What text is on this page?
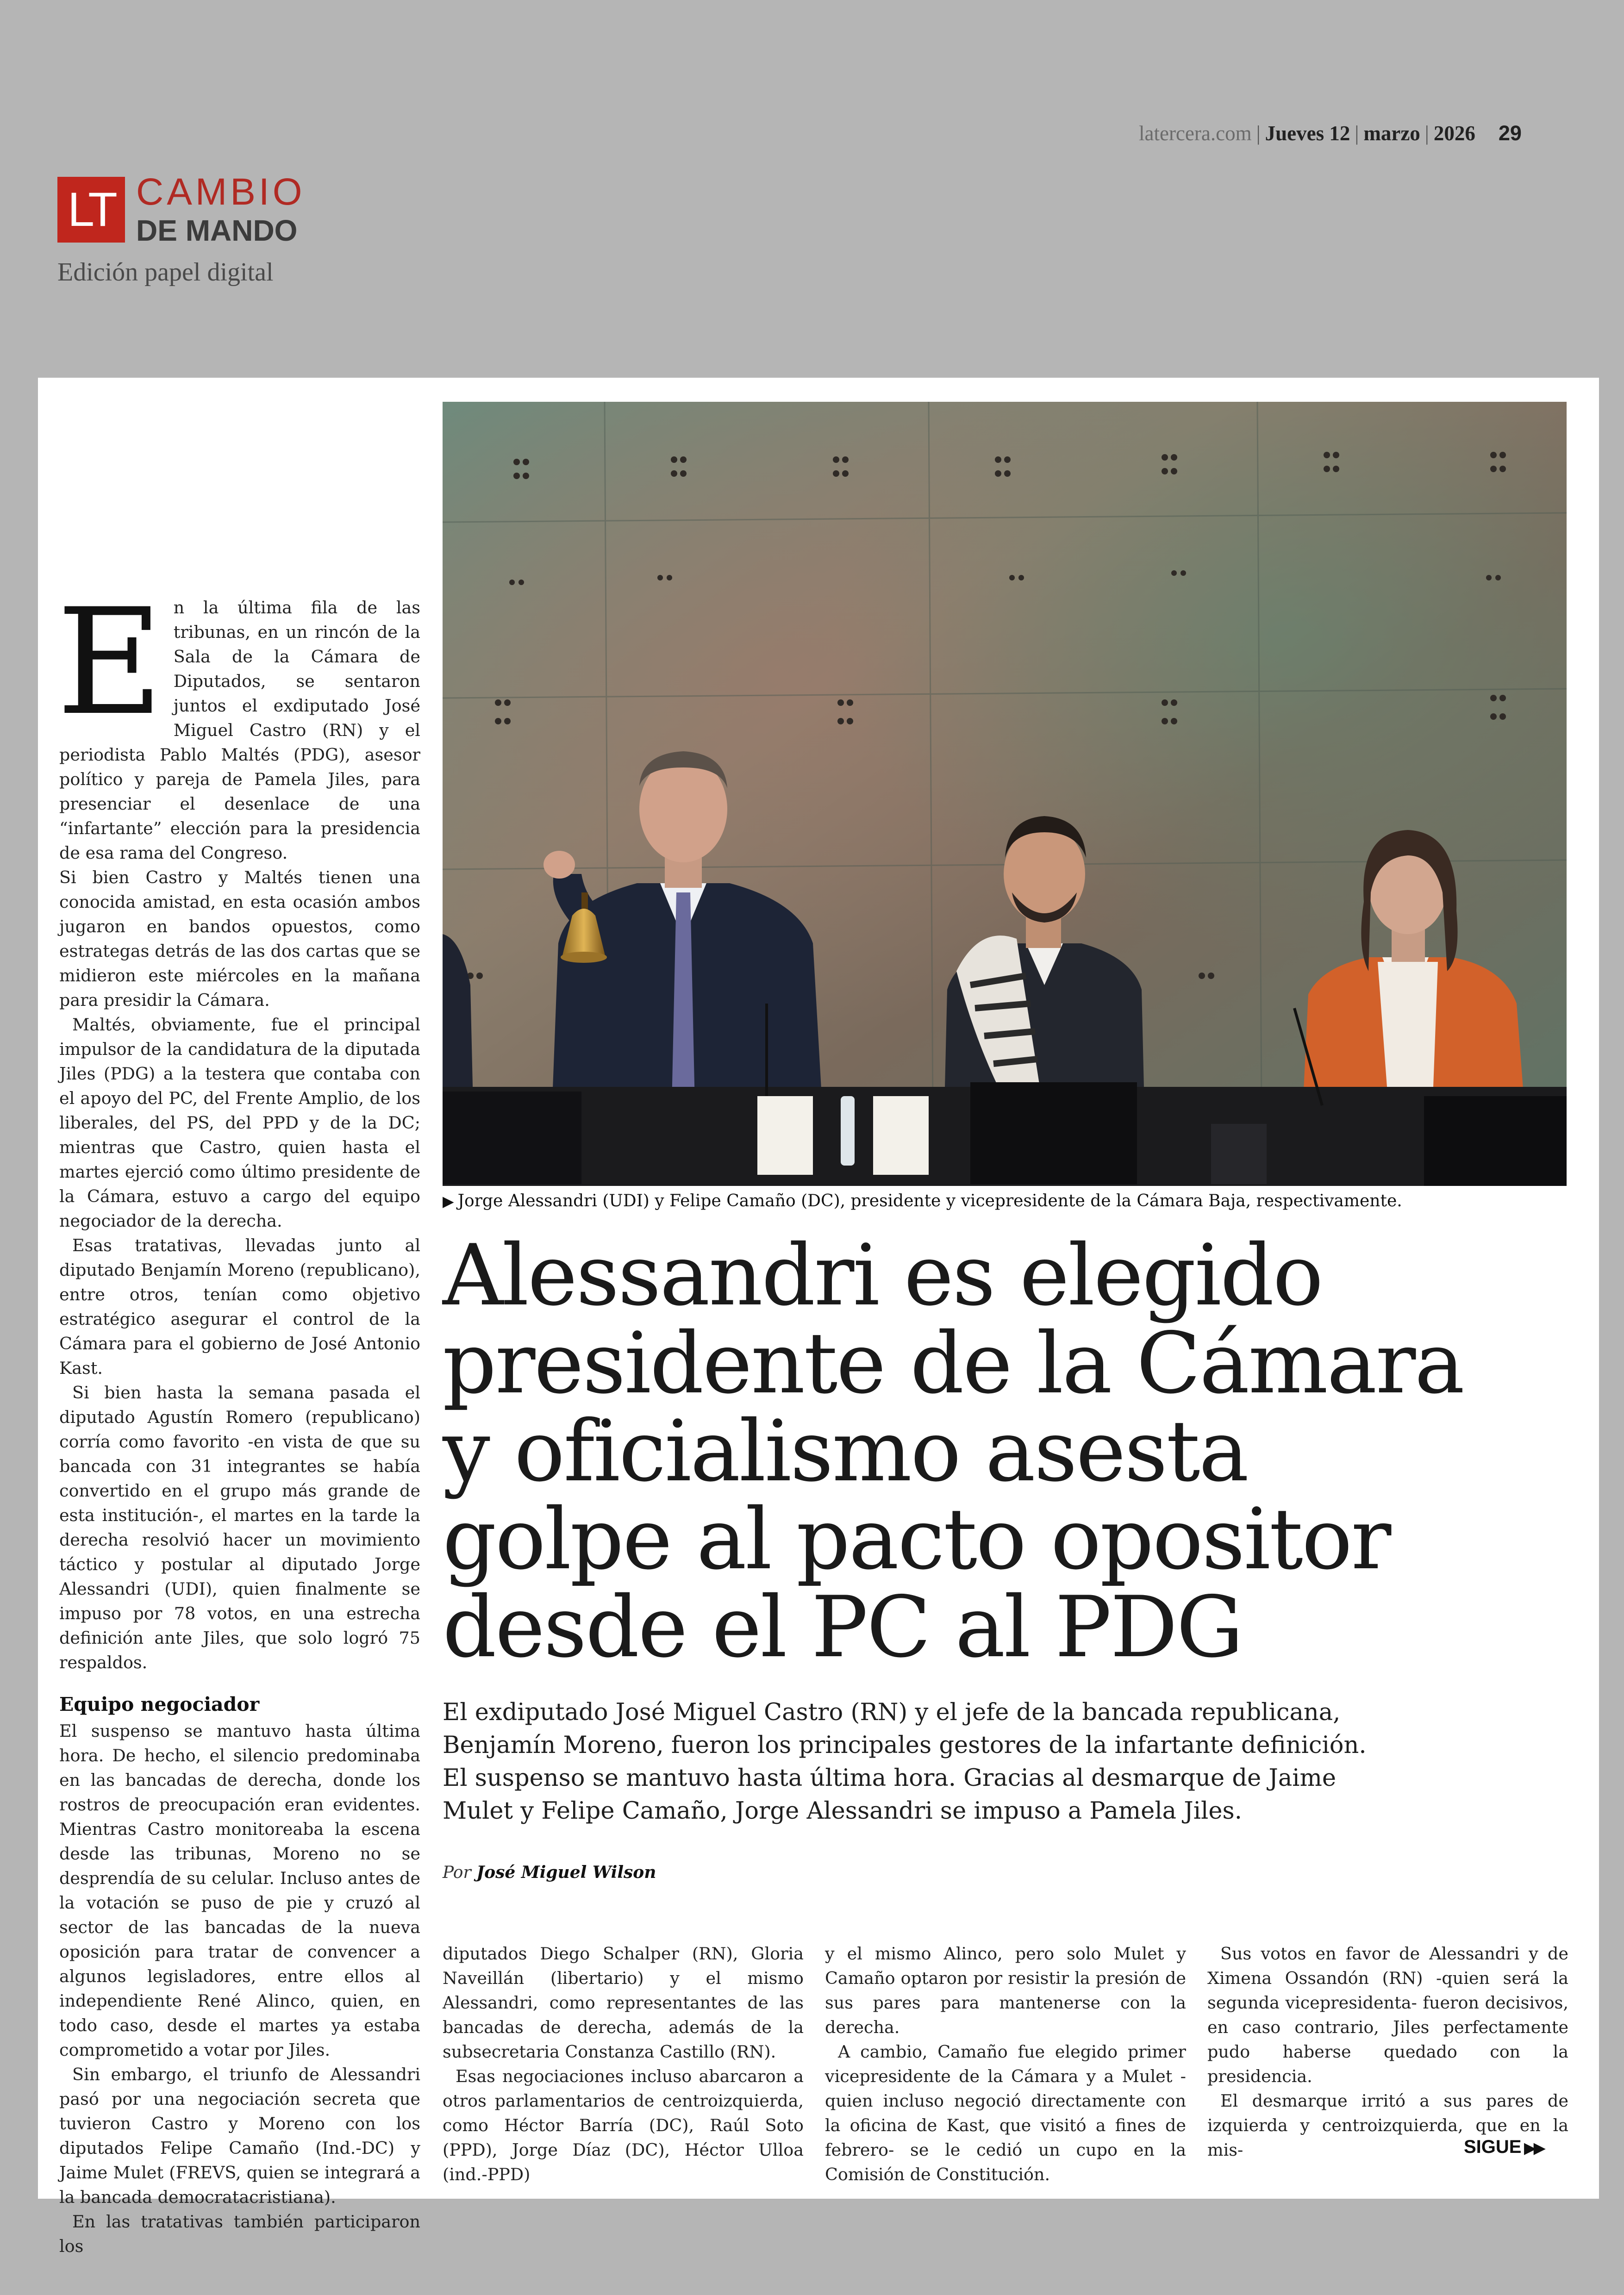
latercera.com | Jueves 12 | marzo | 2026 29
LT CAMBIO
DE MANDO
Edición papel digital
▶ Jorge Alessandri (UDI) y Felipe Camaño (DC), presidente y vicepresidente de la Cámara Baja, respectivamente.
Alessandri es elegido
presidente de la Cámara
y oficialismo asesta
golpe al pacto opositor
desde el PC al PDG

El exdiputado José Miguel Castro (RN) y el jefe de la bancada republicana,
Benjamín Moreno, fueron los principales gestores de la infartante definición.
El suspenso se mantuvo hasta última hora. Gracias al desmarque de Jaime
Mulet y Felipe Camaño, Jorge Alessandri se impuso a Pamela Jiles.

Por José Miguel Wilson

En la última fila de las tribunas, en un rincón de la Sala de la Cámara de Diputados, se sentaron juntos el exdiputado José Miguel Castro (RN) y el periodista Pablo Maltés (PDG), asesor político y pareja de Pamela Jiles, para presenciar el desenlace de una “infartante” elección para la presidencia de esa rama del Congreso.

Si bien Castro y Maltés tienen una conocida amistad, en esta ocasión ambos jugaron en bandos opuestos, como estrategas detrás de las dos cartas que se midieron este miércoles en la mañana para presidir la Cámara.

Maltés, obviamente, fue el principal impulsor de la candidatura de la diputada Jiles (PDG) a la testera que contaba con el apoyo del PC, del Frente Amplio, de los liberales, del PS, del PPD y de la DC; mientras que Castro, quien hasta el martes ejerció como último presidente de la Cámara, estuvo a cargo del equipo negociador de la derecha.

Esas tratativas, llevadas junto al diputado Benjamín Moreno (republicano), entre otros, tenían como objetivo estratégico asegurar el control de la Cámara para el gobierno de José Antonio Kast.

Si bien hasta la semana pasada el diputado Agustín Romero (republicano) corría como favorito -en vista de que su bancada con 31 integrantes se había convertido en el grupo más grande de esta institución-, el martes en la tarde la derecha resolvió hacer un movimiento táctico y postular al diputado Jorge Alessandri (UDI), quien finalmente se impuso por 78 votos, en una estrecha definición ante Jiles, que solo logró 75 respaldos.

Equipo negociador

El suspenso se mantuvo hasta última hora. De hecho, el silencio predominaba en las bancadas de derecha, donde los rostros de preocupación eran evidentes. Mientras Castro monitoreaba la escena desde las tribunas, Moreno no se desprendía de su celular. Incluso antes de la votación se puso de pie y cruzó al sector de las bancadas de la nueva oposición para tratar de convencer a algunos legisladores, entre ellos al independiente René Alinco, quien, en todo caso, desde el martes ya estaba comprometido a votar por Jiles.

Sin embargo, el triunfo de Alessandri pasó por una negociación secreta que tuvieron Castro y Moreno con los diputados Felipe Camaño (Ind.-DC) y Jaime Mulet (FREVS, quien se integrará a la bancada democratacristiana).

En las tratativas también participaron los

diputados Diego Schalper (RN), Gloria Naveillán (libertario) y el mismo Alessandri, como representantes de las bancadas de derecha, además de la subsecretaria Constanza Castillo (RN).

Esas negociaciones incluso abarcaron a otros parlamentarios de centroizquierda, como Héctor Barría (DC), Raúl Soto (PPD), Jorge Díaz (DC), Héctor Ulloa (ind.-PPD)

y el mismo Alinco, pero solo Mulet y Camaño optaron por resistir la presión de sus pares para mantenerse con la derecha.

A cambio, Camaño fue elegido primer vicepresidente de la Cámara y a Mulet -quien incluso negoció directamente con la oficina de Kast, que visitó a fines de febrero- se le cedió un cupo en la Comisión de Constitución.

Sus votos en favor de Alessandri y de Ximena Ossandón (RN) -quien será la segunda vicepresidenta- fueron decisivos, en caso contrario, Jiles perfectamente pudo haberse quedado con la presidencia.

El desmarque irritó a sus pares de izquierda y centroizquierda, que en la mis-	SIGUE ▶▶
